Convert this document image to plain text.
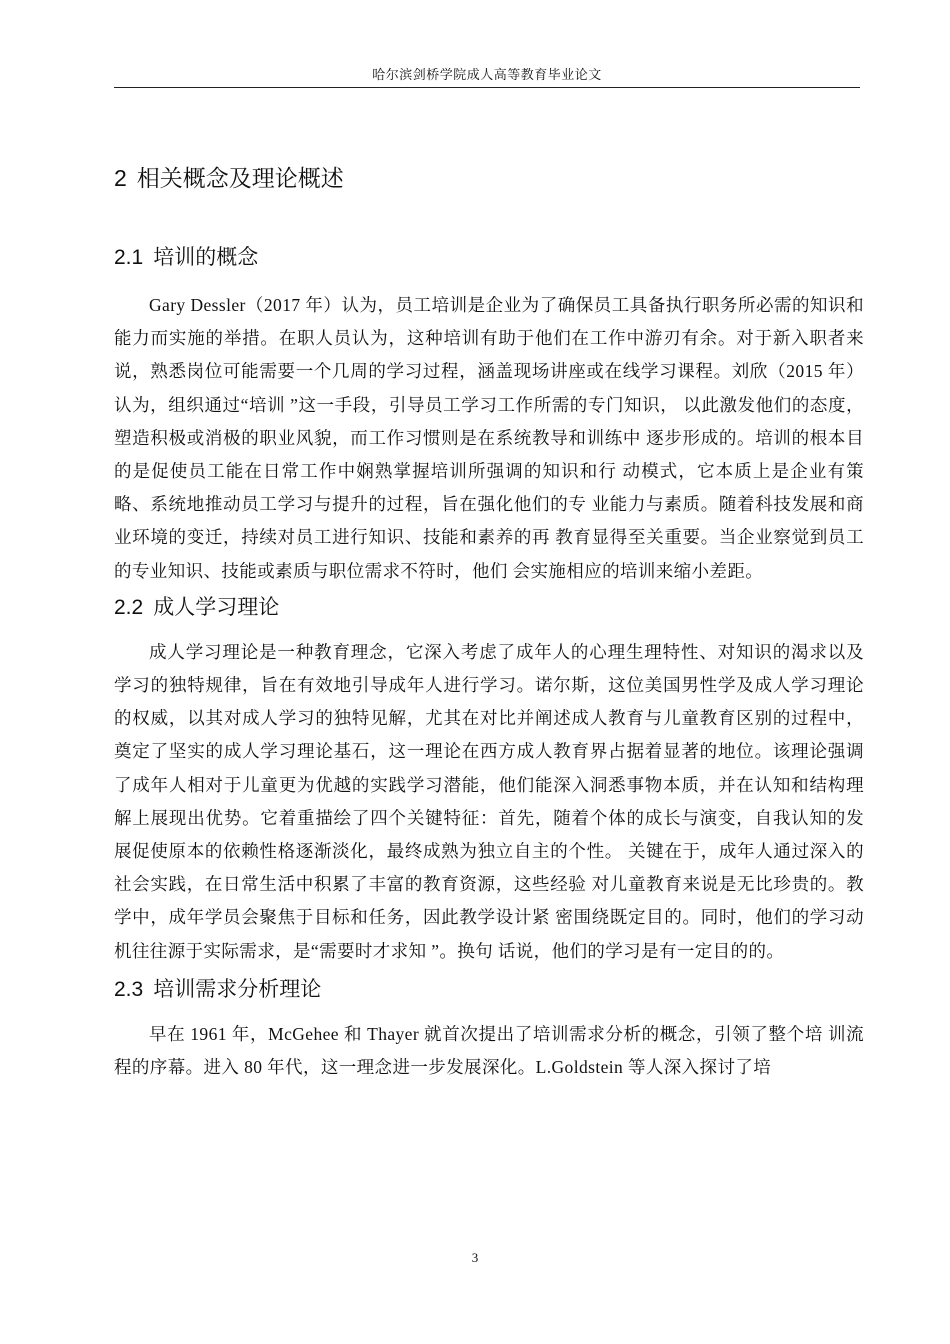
哈尔滨剑桥学院成人高等教育毕业论文
2 相关概念及理论概述
2.1 培训的概念

Gary Dessler（2017 年）认为，员工培训是企业为了确保员工具备执行职务所必需的知识和能力而实施的举措。在职人员认为，这种培训有助于他们在工作中游刃有余。对于新入职者来说，熟悉岗位可能需要一个几周的学习过程，涵盖现场讲座或在线学习课程。刘欣（2015 年）认为，组织通过“培训 ”这一手段，引导员工学习工作所需的专门知识， 以此激发他们的态度，塑造积极或消极的职业风貌，而工作习惯则是在系统教导和训练中 逐步形成的。培训的根本目的是促使员工能在日常工作中娴熟掌握培训所强调的知识和行 动模式，它本质上是企业有策略、系统地推动员工学习与提升的过程，旨在强化他们的专 业能力与素质。随着科技发展和商业环境的变迁，持续对员工进行知识、技能和素养的再 教育显得至关重要。当企业察觉到员工的专业知识、技能或素质与职位需求不符时，他们 会实施相应的培训来缩小差距。

2.2 成人学习理论

成人学习理论是一种教育理念，它深入考虑了成年人的心理生理特性、对知识的渴求以及学习的独特规律，旨在有效地引导成年人进行学习。诺尔斯，这位美国男性学及成人学习理论的权威，以其对成人学习的独特见解，尤其在对比并阐述成人教育与儿童教育区别的过程中，奠定了坚实的成人学习理论基石，这一理论在西方成人教育界占据着显著的地位。该理论强调了成年人相对于儿童更为优越的实践学习潜能，他们能深入洞悉事物本质，并在认知和结构理解上展现出优势。它着重描绘了四个关键特征：首先，随着个体的成长与演变，自我认知的发展促使原本的依赖性格逐渐淡化，最终成熟为独立自主的个性。 关键在于，成年人通过深入的社会实践，在日常生活中积累了丰富的教育资源，这些经验 对儿童教育来说是无比珍贵的。教学中，成年学员会聚焦于目标和任务，因此教学设计紧 密围绕既定目的。同时，他们的学习动机往往源于实际需求，是“需要时才求知 ”。换句 话说，他们的学习是有一定目的的。

2.3 培训需求分析理论

早在 1961 年，McGehee 和 Thayer 就首次提出了培训需求分析的概念，引领了整个培 训流程的序幕。进入 80 年代，这一理念进一步发展深化。L.Goldstein 等人深入探讨了培

3
